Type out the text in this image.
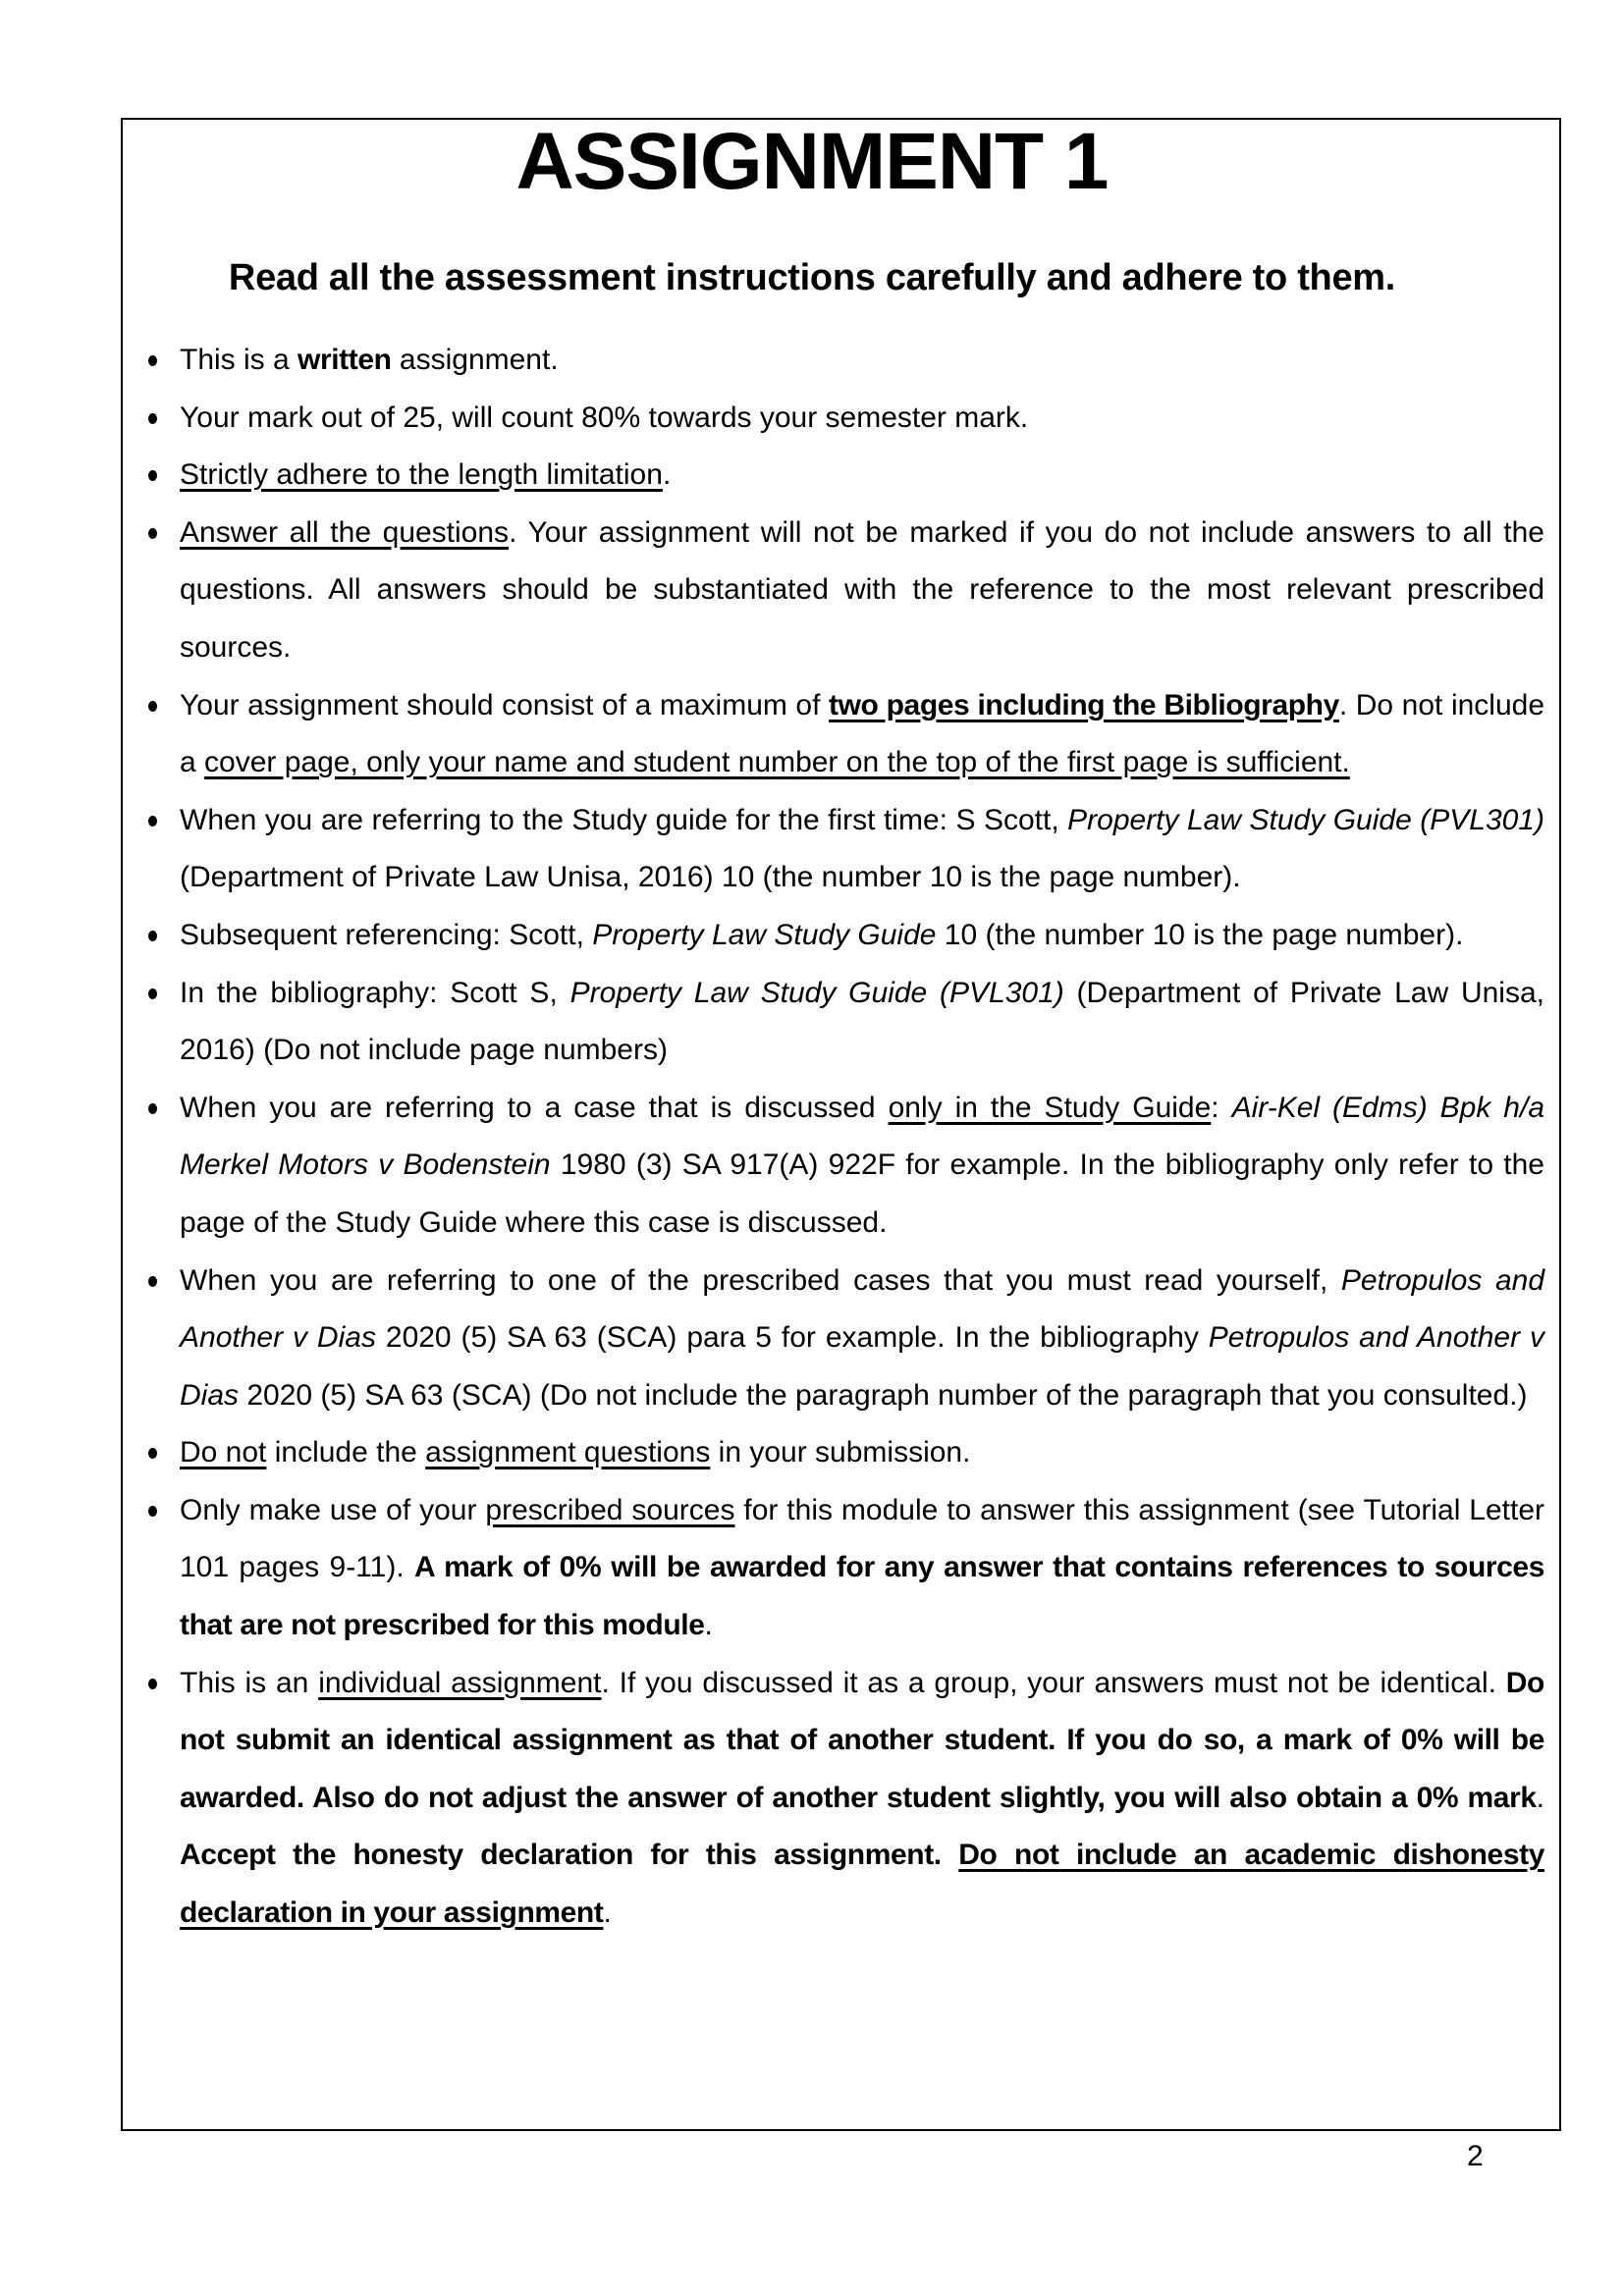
ASSIGNMENT 1
Read all the assessment instructions carefully and adhere to them.
This is a written assignment.
Your mark out of 25, will count 80% towards your semester mark.
Strictly adhere to the length limitation.
Answer all the questions. Your assignment will not be marked if you do not include answers to all the questions. All answers should be substantiated with the reference to the most relevant prescribed sources.
Your assignment should consist of a maximum of two pages including the Bibliography. Do not include a cover page, only your name and student number on the top of the first page is sufficient.
When you are referring to the Study guide for the first time: S Scott, Property Law Study Guide (PVL301) (Department of Private Law Unisa, 2016) 10 (the number 10 is the page number).
Subsequent referencing: Scott, Property Law Study Guide 10 (the number 10 is the page number).
In the bibliography: Scott S, Property Law Study Guide (PVL301) (Department of Private Law Unisa, 2016) (Do not include page numbers)
When you are referring to a case that is discussed only in the Study Guide: Air-Kel (Edms) Bpk h/a Merkel Motors v Bodenstein 1980 (3) SA 917(A) 922F for example. In the bibliography only refer to the page of the Study Guide where this case is discussed.
When you are referring to one of the prescribed cases that you must read yourself, Petropulos and Another v Dias 2020 (5) SA 63 (SCA) para 5 for example. In the bibliography Petropulos and Another v Dias 2020 (5) SA 63 (SCA) (Do not include the paragraph number of the paragraph that you consulted.)
Do not include the assignment questions in your submission.
Only make use of your prescribed sources for this module to answer this assignment (see Tutorial Letter 101 pages 9-11). A mark of 0% will be awarded for any answer that contains references to sources that are not prescribed for this module.
This is an individual assignment. If you discussed it as a group, your answers must not be identical. Do not submit an identical assignment as that of another student. If you do so, a mark of 0% will be awarded. Also do not adjust the answer of another student slightly, you will also obtain a 0% mark. Accept the honesty declaration for this assignment. Do not include an academic dishonesty declaration in your assignment.
2
